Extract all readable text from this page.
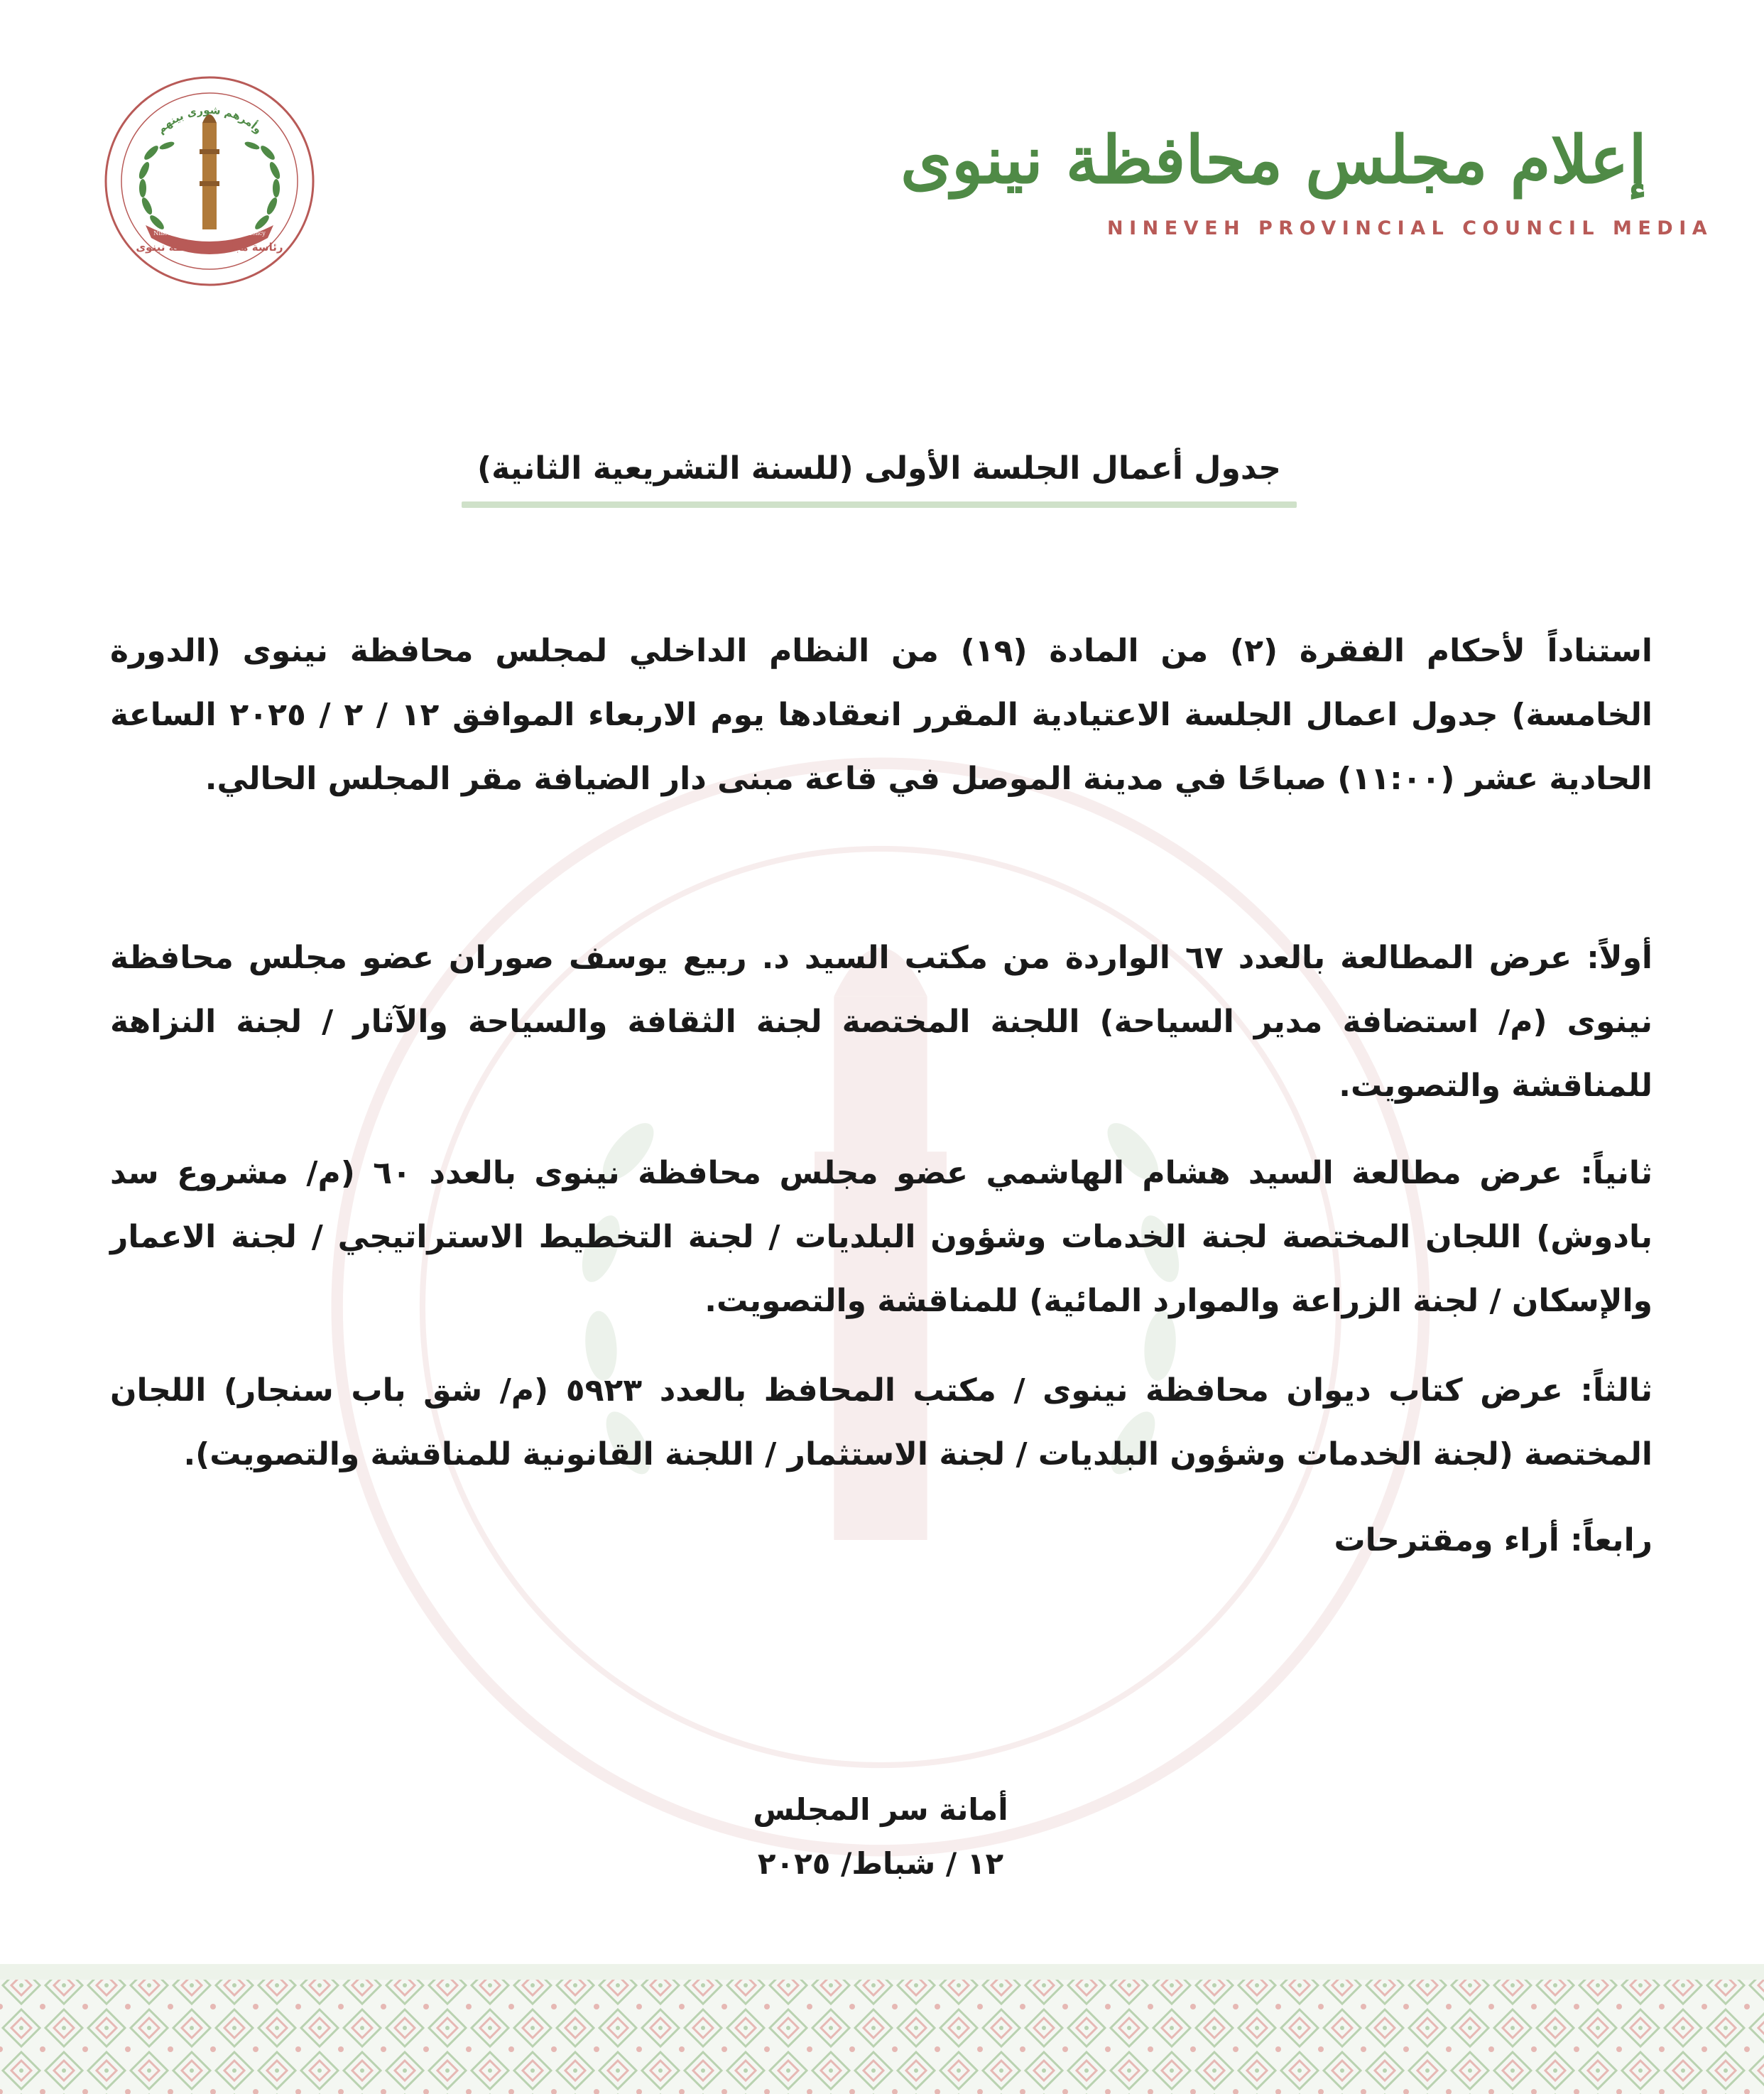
وأمرهم شورى بينهم
Nineveh Provincial Council Presidency
رئاسة مجلس محافظة نينوى
إعلام مجلس محافظة نينوى
NINEVEH PROVINCIAL COUNCIL MEDIA
جدول أعمال الجلسة الأولى (للسنة التشريعية الثانية)

استناداً لأحكام الفقرة (٢) من المادة (١٩) من النظام الداخلي لمجلس محافظة نينوى (الدورة الخامسة) جدول اعمال الجلسة الاعتيادية المقرر انعقادها يوم الاربعاء الموافق ١٢ / ٢ / ٢٠٢٥ الساعة الحادية عشر (١١:٠٠) صباحًا في مدينة الموصل في قاعة مبنى دار الضيافة مقر المجلس الحالي.

أولاً: عرض المطالعة بالعدد ٦٧ الواردة من مكتب السيد د. ربيع يوسف صوران عضو مجلس محافظة نينوى (م/ استضافة مدير السياحة) اللجنة المختصة لجنة الثقافة والسياحة والآثار / لجنة النزاهة للمناقشة والتصويت.

ثانياً: عرض مطالعة السيد هشام الهاشمي عضو مجلس محافظة نينوى بالعدد ٦٠ (م/ مشروع سد بادوش) اللجان المختصة لجنة الخدمات وشؤون البلديات / لجنة التخطيط الاستراتيجي / لجنة الاعمار والإسكان / لجنة الزراعة والموارد المائية) للمناقشة والتصويت.

ثالثاً: عرض كتاب ديوان محافظة نينوى / مكتب المحافظ بالعدد ٥٩٢٣ (م/ شق باب سنجار) اللجان المختصة (لجنة الخدمات وشؤون البلديات / لجنة الاستثمار / اللجنة القانونية للمناقشة والتصويت).

رابعاً: أراء ومقترحات

أمانة سر المجلس
١٢ / شباط/ ٢٠٢٥
